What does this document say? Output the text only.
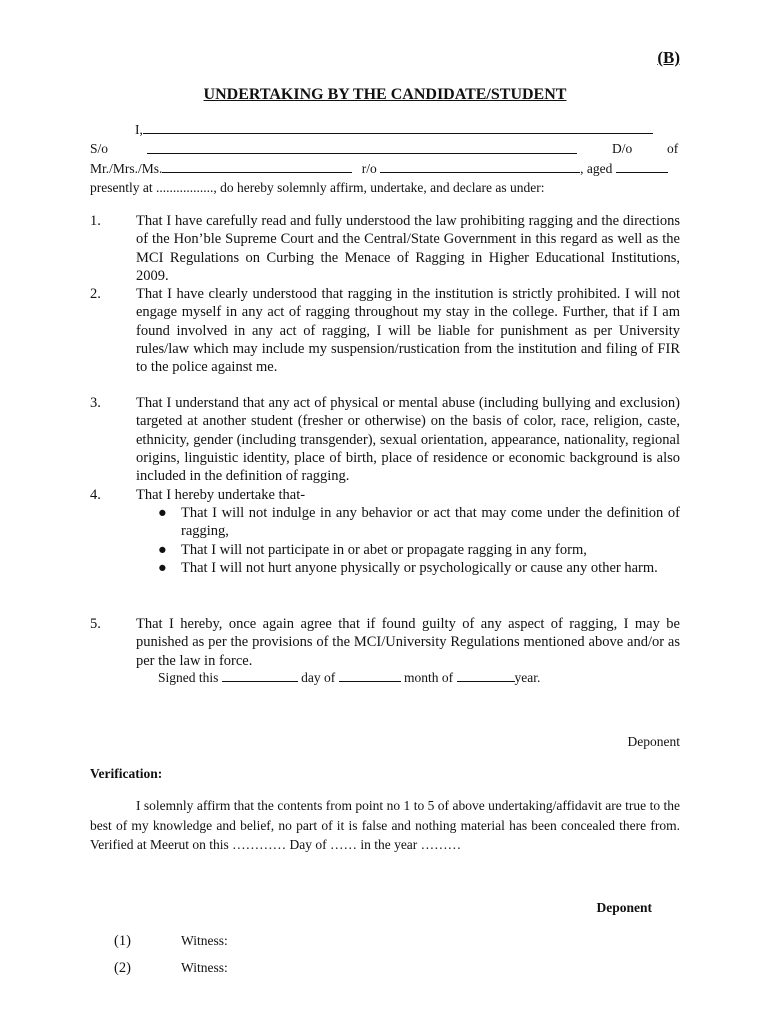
(B)
UNDERTAKING BY THE CANDIDATE/STUDENT
I,
S/o	D/o	of
Mr./Mrs./Ms.	r/o	, aged
presently at ................., do hereby solemnly affirm, undertake, and declare as under:
1.	That I have carefully read and fully understood the law prohibiting ragging and the directions of the Hon’ble Supreme Court and the Central/State Government in this regard as well as the MCI Regulations on Curbing the Menace of Ragging in Higher Educational Institutions, 2009.
2.	That I have clearly understood that ragging in the institution is strictly prohibited. I will not engage myself in any act of ragging throughout my stay in the college. Further, that if I am found involved in any act of ragging, I will be liable for punishment as per University rules/law which may include my suspension/rustication from the institution and filing of FIR to the police against me.
3.	That I understand that any act of physical or mental abuse (including bullying and exclusion) targeted at another student (fresher or otherwise) on the basis of color, race, religion, caste, ethnicity, gender (including transgender), sexual orientation, appearance, nationality, regional origins, linguistic identity, place of birth, place of residence or economic background is also included in the definition of ragging.
4.	That I hereby undertake that-
● That I will not indulge in any behavior or act that may come under the definition of ragging,
● That I will not participate in or abet or propagate ragging in any form,
● That I will not hurt anyone physically or psychologically or cause any other harm.
5.	That I hereby, once again agree that if found guilty of any aspect of ragging, I may be punished as per the provisions of the MCI/University Regulations mentioned above and/or as per the law in force.
Signed this	day of	month of	year.
Deponent
Verification:
I solemnly affirm that the contents from point no 1 to 5 of above undertaking/affidavit are true to the best of my knowledge and belief, no part of it is false and nothing material has been concealed there from. Verified at Meerut on this ………… Day of …… in the year ………
Deponent
(1)	Witness:
(2)	Witness:
